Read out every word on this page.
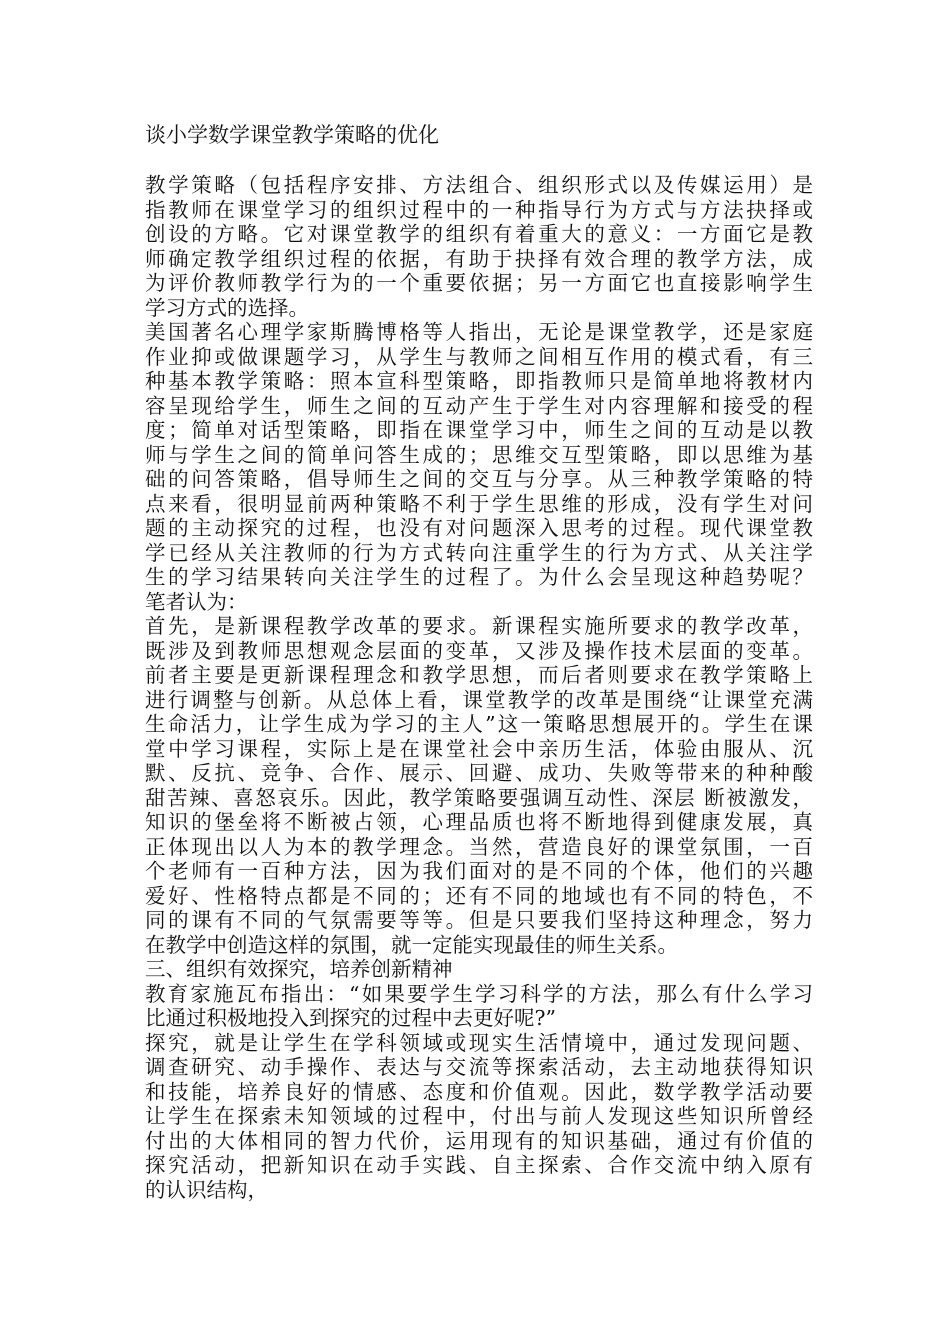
谈小学数学课堂教学策略的优化
教学策略（包括程序安排、方法组合、组织形式以及传媒运用）是
指教师在课堂学习的组织过程中的一种指导行为方式与方法抉择或
创设的方略。它对课堂教学的组织有着重大的意义：一方面它是教
师确定教学组织过程的依据，有助于抉择有效合理的教学方法，成
为评价教师教学行为的一个重要依据；另一方面它也直接影响学生
学习方式的选择。
美国著名心理学家斯腾博格等人指出，无论是课堂教学，还是家庭
作业抑或做课题学习，从学生与教师之间相互作用的模式看，有三
种基本教学策略：照本宣科型策略，即指教师只是简单地将教材内
容呈现给学生，师生之间的互动产生于学生对内容理解和接受的程
度；简单对话型策略，即指在课堂学习中，师生之间的互动是以教
师与学生之间的简单问答生成的；思维交互型策略，即以思维为基
础的问答策略，倡导师生之间的交互与分享。从三种教学策略的特
点来看，很明显前两种策略不利于学生思维的形成，没有学生对问
题的主动探究的过程，也没有对问题深入思考的过程。现代课堂教
学已经从关注教师的行为方式转向注重学生的行为方式、从关注学
生的学习结果转向关注学生的过程了。为什么会呈现这种趋势呢？
笔者认为：
首先，是新课程教学改革的要求。新课程实施所要求的教学改革，
既涉及到教师思想观念层面的变革，又涉及操作技术层面的变革。
前者主要是更新课程理念和教学思想，而后者则要求在教学策略上
进行调整与创新。从总体上看，课堂教学的改革是围绕“让课堂充满
生命活力，让学生成为学习的主人”这一策略思想展开的。学生在课
堂中学习课程，实际上是在课堂社会中亲历生活，体验由服从、沉
默、反抗、竞争、合作、展示、回避、成功、失败等带来的种种酸
甜苦辣、喜怒哀乐。因此，教学策略要强调互动性、深层 断被激发，
知识的堡垒将不断被占领，心理品质也将不断地得到健康发展，真
正体现出以人为本的教学理念。当然，营造良好的课堂氛围，一百
个老师有一百种方法，因为我们面对的是不同的个体，他们的兴趣
爱好、性格特点都是不同的；还有不同的地域也有不同的特色，不
同的课有不同的气氛需要等等。但是只要我们坚持这种理念，努力
在教学中创造这样的氛围，就一定能实现最佳的师生关系。
三、组织有效探究，培养创新精神
教育家施瓦布指出：“如果要学生学习科学的方法，那么有什么学习
比通过积极地投入到探究的过程中去更好呢?”
探究，就是让学生在学科领域或现实生活情境中，通过发现问题、
调查研究、动手操作、表达与交流等探索活动，去主动地获得知识
和技能，培养良好的情感、态度和价值观。因此，数学教学活动要
让学生在探索未知领域的过程中，付出与前人发现这些知识所曾经
付出的大体相同的智力代价，运用现有的知识基础，通过有价值的
探究活动，把新知识在动手实践、自主探索、合作交流中纳入原有
的认识结构，
